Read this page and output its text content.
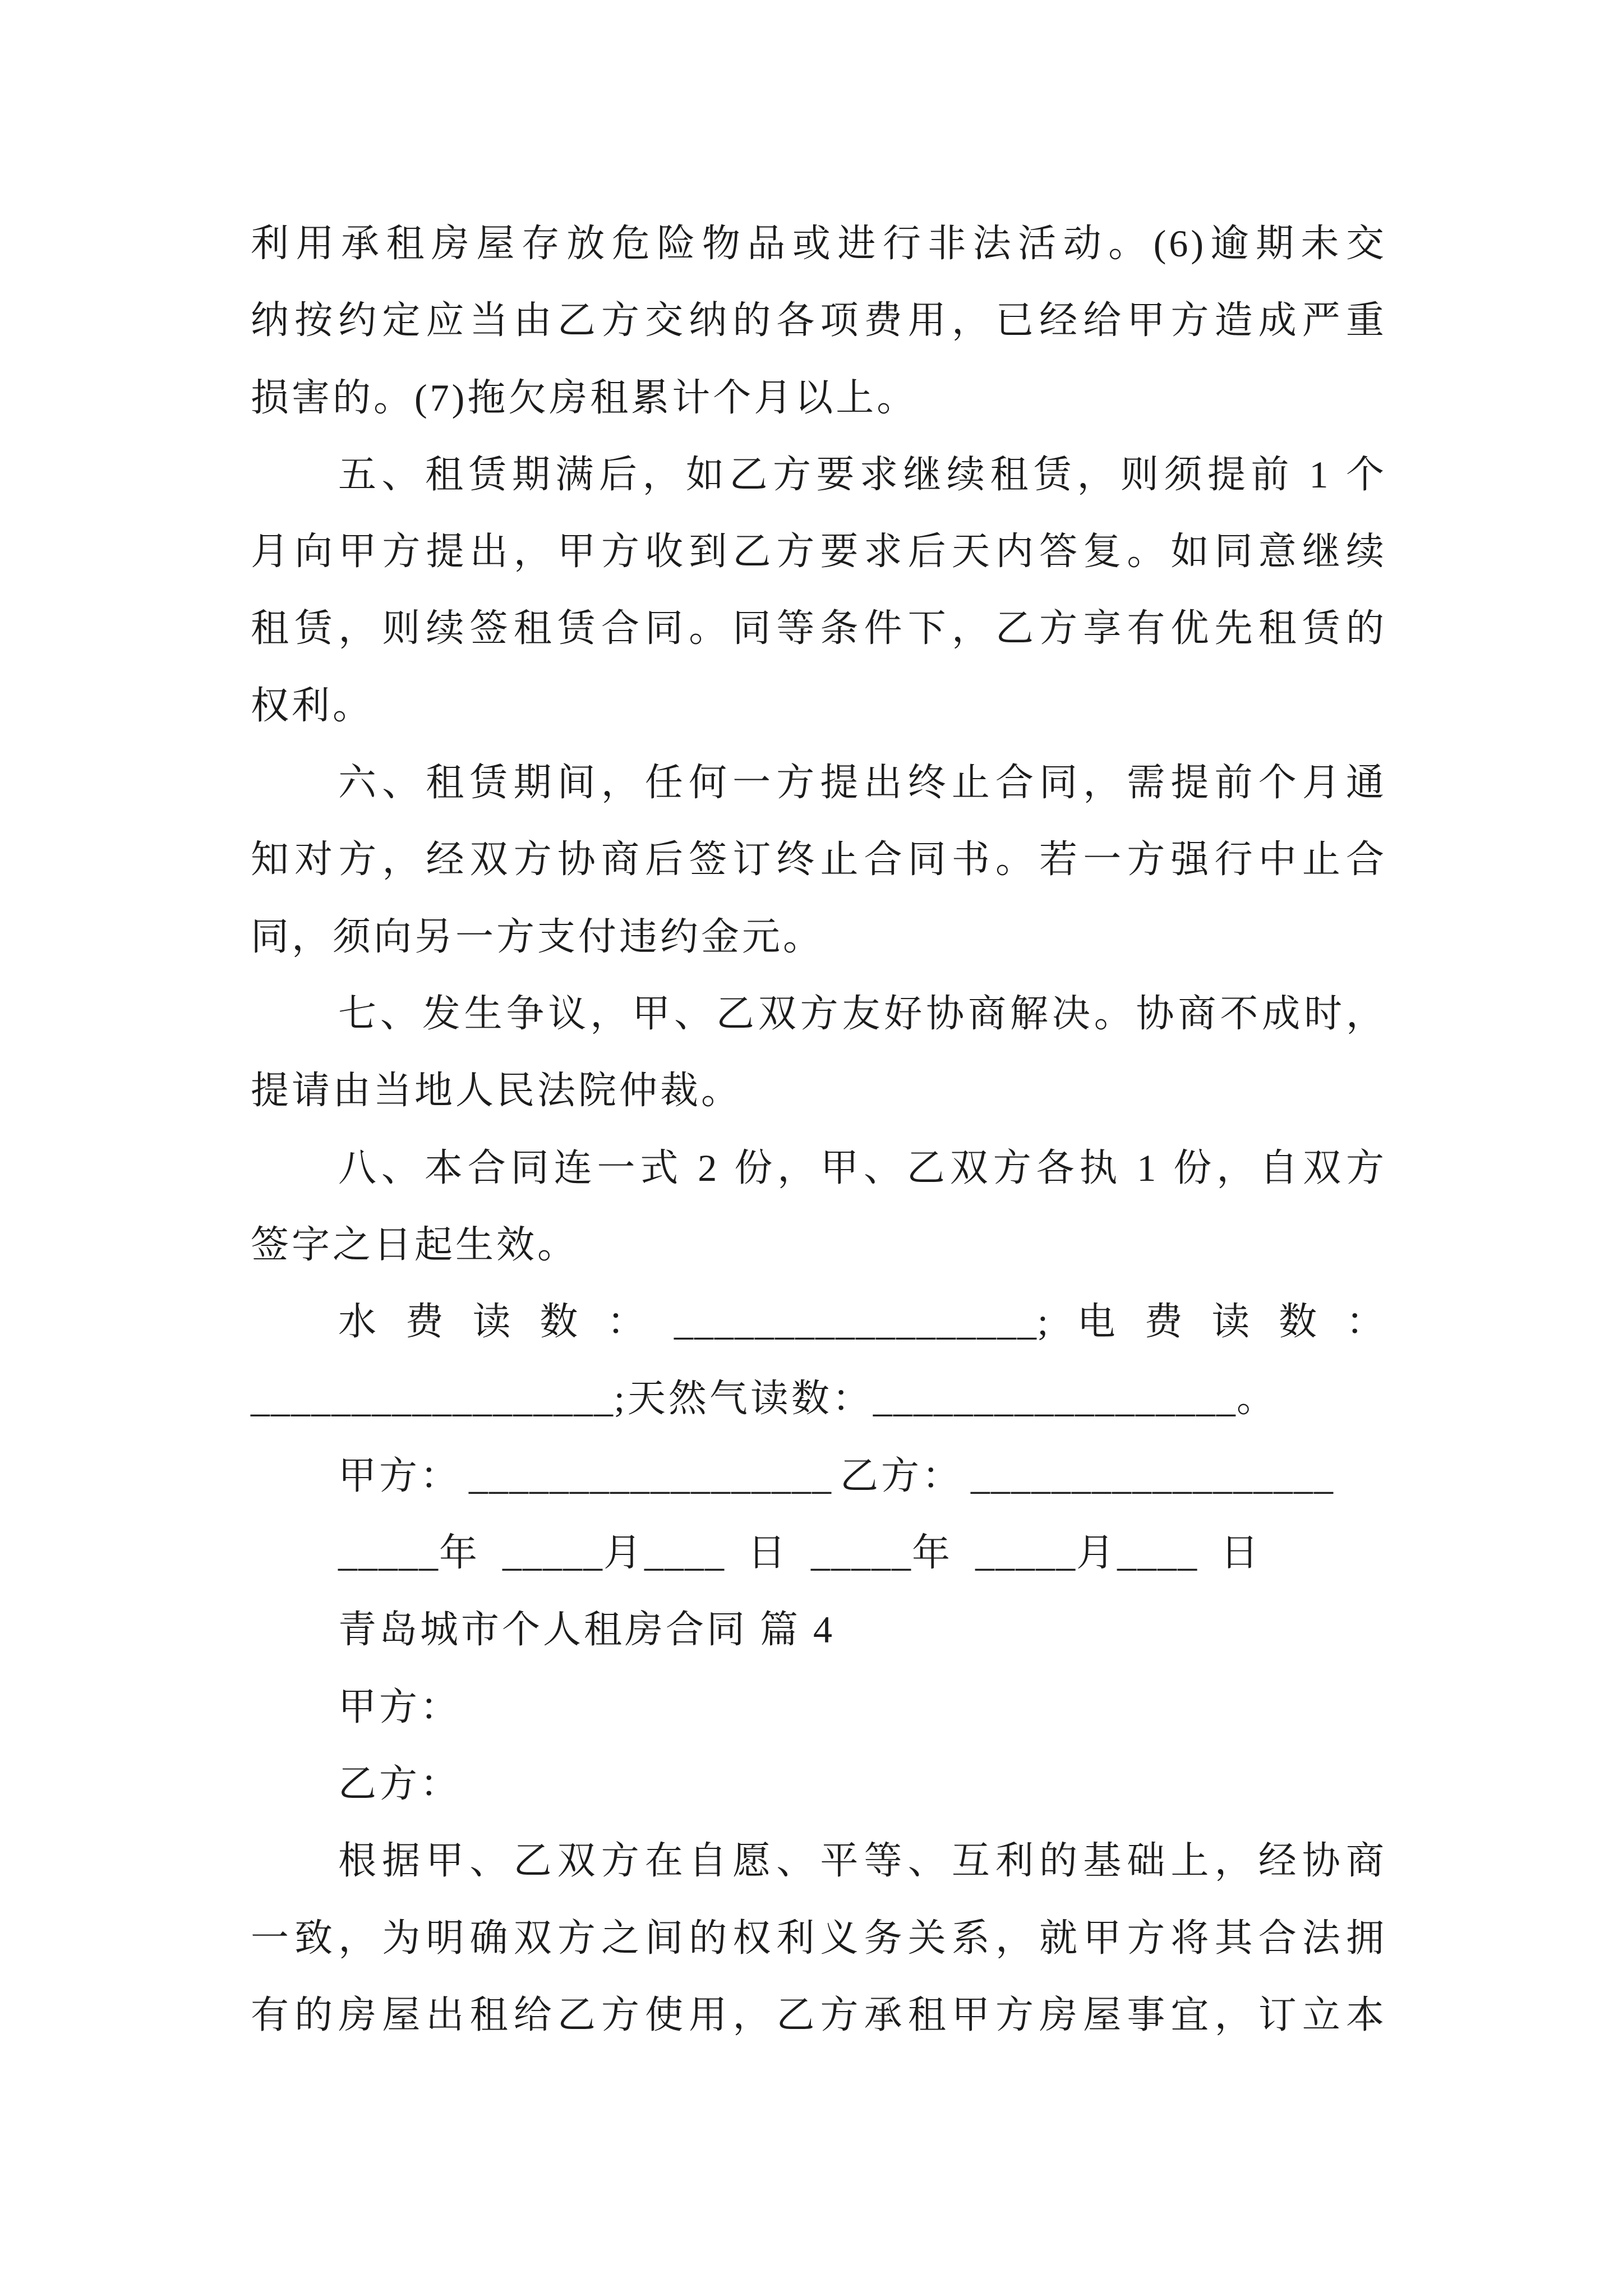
利用承租房屋存放危险物品或进行非法活动。(6)逾期未交
纳按约定应当由乙方交纳的各项费用，已经给甲方造成严重
损害的。(7)拖欠房租累计个月以上。
五、租赁期满后，如乙方要求继续租赁，则须提前 1 个
月向甲方提出，甲方收到乙方要求后天内答复。如同意继续
租赁，则续签租赁合同。同等条件下，乙方享有优先租赁的
权利。
六、租赁期间，任何一方提出终止合同，需提前个月通
知对方，经双方协商后签订终止合同书。若一方强行中止合
同，须向另一方支付违约金元。
七、发生争议，甲、乙双方友好协商解决。协商不成时，
提请由当地人民法院仲裁。
八、本合同连一式 2 份，甲、乙双方各执 1 份，自双方
签字之日起生效。
水费读数：__________________;电费读数：
__________________;天然气读数：__________________。
甲方： __________________ 乙方： __________________
_____年 _____月____ 日 _____年 _____月____ 日
青岛城市个人租房合同 篇 4
甲方：
乙方：
根据甲、乙双方在自愿、平等、互利的基础上，经协商
一致，为明确双方之间的权利义务关系，就甲方将其合法拥
有的房屋出租给乙方使用，乙方承租甲方房屋事宜，订立本
